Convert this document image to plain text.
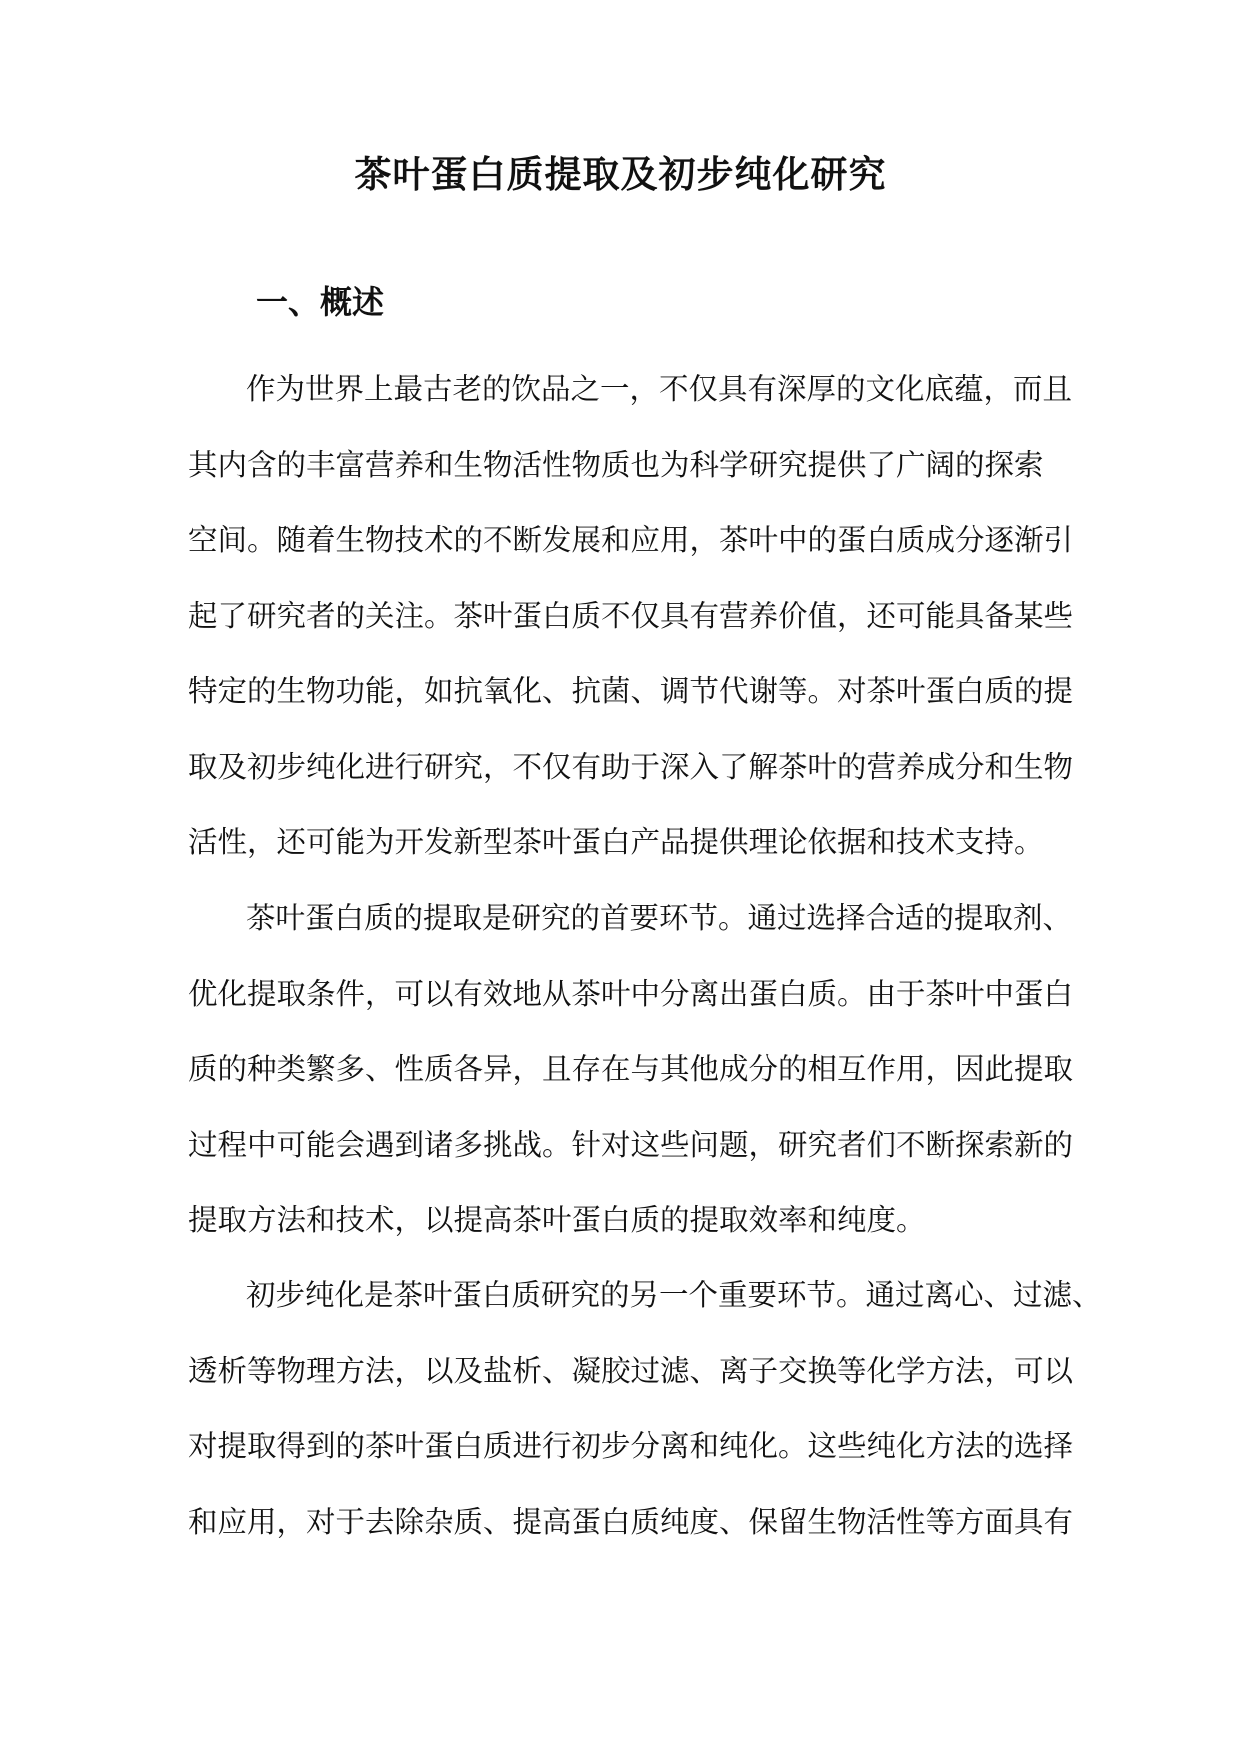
茶叶蛋白质提取及初步纯化研究
一、概述

作为世界上最古老的饮品之一，不仅具有深厚的文化底蕴，而且
其内含的丰富营养和生物活性物质也为科学研究提供了广阔的探索
空间。随着生物技术的不断发展和应用，茶叶中的蛋白质成分逐渐引
起了研究者的关注。茶叶蛋白质不仅具有营养价值，还可能具备某些
特定的生物功能，如抗氧化、抗菌、调节代谢等。对茶叶蛋白质的提
取及初步纯化进行研究，不仅有助于深入了解茶叶的营养成分和生物
活性，还可能为开发新型茶叶蛋白产品提供理论依据和技术支持。

茶叶蛋白质的提取是研究的首要环节。通过选择合适的提取剂、
优化提取条件，可以有效地从茶叶中分离出蛋白质。由于茶叶中蛋白
质的种类繁多、性质各异，且存在与其他成分的相互作用，因此提取
过程中可能会遇到诸多挑战。针对这些问题，研究者们不断探索新的
提取方法和技术，以提高茶叶蛋白质的提取效率和纯度。

初步纯化是茶叶蛋白质研究的另一个重要环节。通过离心、过滤、
透析等物理方法，以及盐析、凝胶过滤、离子交换等化学方法，可以
对提取得到的茶叶蛋白质进行初步分离和纯化。这些纯化方法的选择
和应用，对于去除杂质、提高蛋白质纯度、保留生物活性等方面具有
